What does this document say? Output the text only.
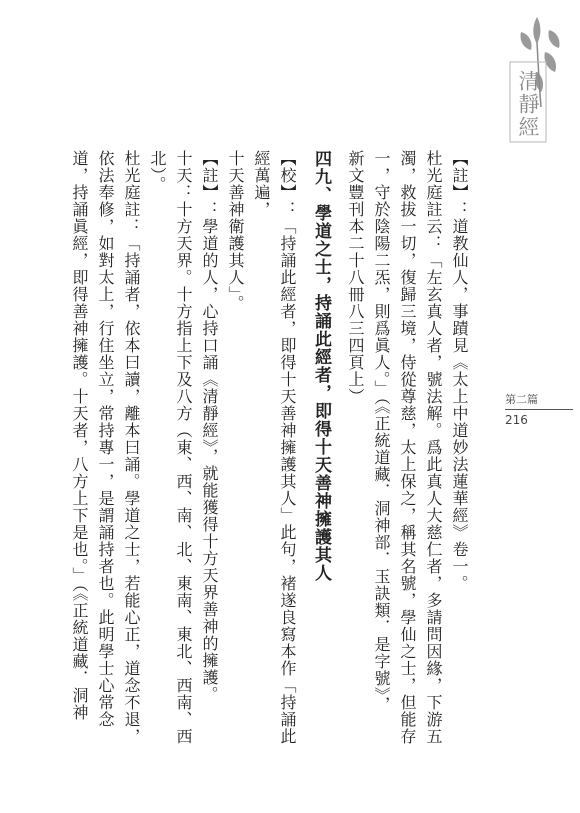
清靜經
第二篇
216
【註】：道教仙人，事蹟見《太上中道妙法蓮華經》卷一。
杜光庭註云：「左玄真人者，號法解。爲此真人大慈仁者，多請問因緣，下游五
濁，救拔一切，復歸三境，侍從尊慈，太上保之，稱其名號，學仙之士，但能存
一，守於陰陽二炁，則爲眞人。」（《正統道藏．洞神部．玉訣類．是字號》，
新文豐刊本二十八冊八三四頁上）
四九、學道之士，持誦此經者，即得十天善神擁護其人
【校】：「持誦此經者，即得十天善神擁護其人」此句，褚遂良寫本作「持誦此經萬遍，
十天善神衛護其人」。
【註】：學道的人，心持口誦《清靜經》，就能獲得十方天界善神的擁護。
十天：十方天界。十方指上下及八方（東、西、南、北、東南、東北、西南、西
北）。
杜光庭註：「持誦者，依本曰讀，離本曰誦。學道之士，若能心正，道念不退，
依法奉修，如對太上，行住坐立，常持專一，是謂誦持者也。此明學士心常念
道，持誦眞經，即得善神擁護。十天者，八方上下是也。」（《正統道藏．洞神
